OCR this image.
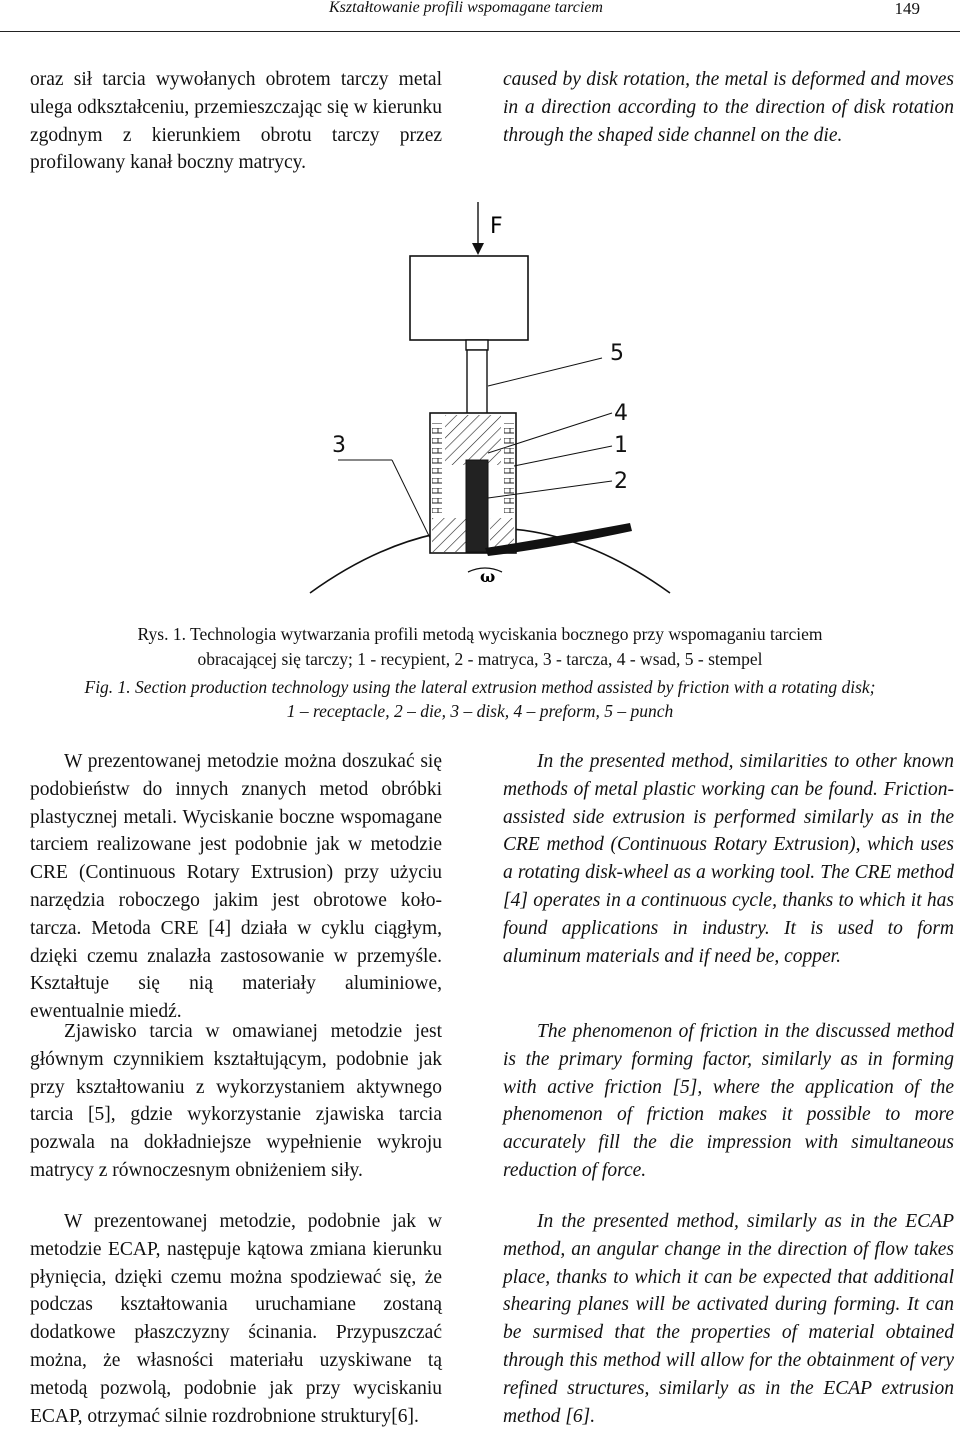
Kształtowanie profili wspomagane tarciem	149

oraz sił tarcia wywołanych obrotem tarczy metal ulega odkształceniu, przemieszczając się w kierunku zgodnym z kierunkiem obrotu tarczy przez profilowany kanał boczny matrycy.

caused by disk rotation, the metal is deformed and moves in a direction according to the direction of disk rotation through the shaped side channel on the die.

F
ω
5
4
1
2
3

Rys. 1. Technologia wytwarzania profili metodą wyciskania bocznego przy wspomaganiu tarciem

obracającej się tarczy; 1 - recypient, 2 - matryca, 3 - tarcza, 4 - wsad, 5 - stempel

Fig. 1. Section production technology using the lateral extrusion method assisted by friction with a rotating disk;

1 – receptacle, 2 – die, 3 – disk, 4 – preform, 5 – punch

W prezentowanej metodzie można doszukać się podobieństw do innych znanych metod obróbki plastycznej metali. Wyciskanie boczne wspomagane tarciem realizowane jest podobnie jak w metodzie CRE (Continuous Rotary Extrusion) przy użyciu narzędzia roboczego jakim jest obrotowe koło-tarcza. Metoda CRE [4] działa w cyklu ciągłym, dzięki czemu znalazła zastosowanie w przemyśle. Kształtuje się nią materiały aluminiowe, ewentualnie miedź.

Zjawisko tarcia w omawianej metodzie jest głównym czynnikiem kształtującym, podobnie jak przy kształtowaniu z wykorzystaniem aktywnego tarcia [5], gdzie wykorzystanie zjawiska tarcia pozwala na dokładniejsze wypełnienie wykroju matrycy z równoczesnym obniżeniem siły.

W prezentowanej metodzie, podobnie jak w metodzie ECAP, następuje kątowa zmiana kierunku płynięcia, dzięki czemu można spodziewać się, że podczas kształtowania uruchamiane zostaną dodatkowe płaszczyzny ścinania. Przypuszczać można, że własności materiału uzyskiwane tą metodą pozwolą, podobnie jak przy wyciskaniu ECAP, otrzymać silnie rozdrobnione struktury[6].

In the presented method, similarities to other known methods of metal plastic working can be found. Friction-assisted side extrusion is performed similarly as in the CRE method (Continuous Rotary Extrusion), which uses a rotating disk-wheel as a working tool. The CRE method [4] operates in a continuous cycle, thanks to which it has found applications in industry. It is used to form aluminum materials and if need be, copper.

The phenomenon of friction in the discussed method is the primary forming factor, similarly as in forming with active friction [5], where the application of the phenomenon of friction makes it possible to more accurately fill the die impression with simultaneous reduction of force.

In the presented method, similarly as in the ECAP method, an angular change in the direction of flow takes place, thanks to which it can be expected that additional shearing planes will be activated during forming. It can be surmised that the properties of material obtained through this method will allow for the obtainment of very refined structures, similarly as in the ECAP extrusion method [6].
